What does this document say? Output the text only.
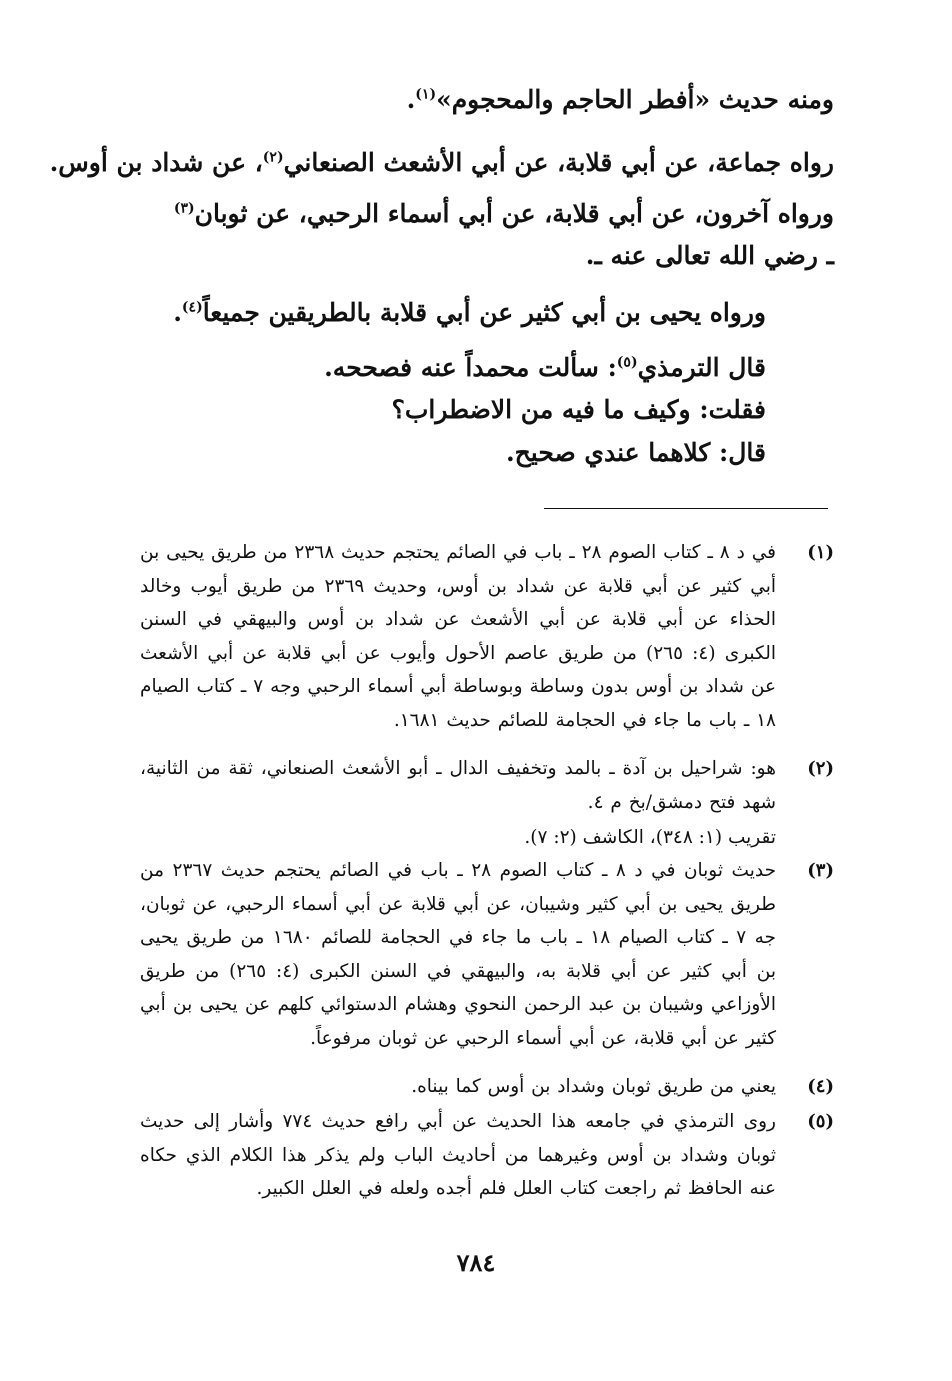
ومنه حديث «أفطر الحاجم والمحجوم»$^{(١)}$.
رواه جماعة، عن أبي قلابة، عن أبي الأشعث الصنعاني$^{(٢)}$، عن شداد بن أوس.
ورواه آخرون، عن أبي قلابة، عن أبي أسماء الرحبي، عن ثوبان$^{(٣)}$
ـ رضي الله تعالى عنه ـ.
ورواه يحيى بن أبي كثير عن أبي قلابة بالطريقين جميعاً$^{(٤)}$.
قال الترمذي$^{(٥)}$: سألت محمداً عنه فصححه.
فقلت: وكيف ما فيه من الاضطراب؟
قال: كلاهما عندي صحيح.
(١)
في د ٨ ـ كتاب الصوم ٢٨ ـ باب في الصائم يحتجم حديث ٢٣٦٨ من طريق يحيى بن أبي كثير عن أبي قلابة عن شداد بن أوس، وحديث ٢٣٦٩ من طريق أيوب وخالد الحذاء عن أبي قلابة عن أبي الأشعث عن شداد بن أوس والبيهقي في السنن الكبرى (٤: ٢٦٥) من طريق عاصم الأحول وأيوب عن أبي قلابة عن أبي الأشعث عن شداد بن أوس بدون وساطة وبوساطة أبي أسماء الرحبي وجه ٧ ـ كتاب الصيام ١٨ ـ باب ما جاء في الحجامة للصائم حديث ١٦٨١.
(٢)
هو: شراحيل بن آدة ـ بالمد وتخفيف الدال ـ أبو الأشعث الصنعاني، ثقة من الثانية، شهد فتح دمشق/بخ م ٤.
تقريب (١: ٣٤٨)، الكاشف (٢: ٧).
(٣)
حديث ثوبان في د ٨ ـ كتاب الصوم ٢٨ ـ باب في الصائم يحتجم حديث ٢٣٦٧ من طريق يحيى بن أبي كثير وشيبان، عن أبي قلابة عن أبي أسماء الرحبي، عن ثوبان، جه ٧ ـ كتاب الصيام ١٨ ـ باب ما جاء في الحجامة للصائم ١٦٨٠ من طريق يحيى بن أبي كثير عن أبي قلابة به، والبيهقي في السنن الكبرى (٤: ٢٦٥) من طريق الأوزاعي وشيبان بن عبد الرحمن النحوي وهشام الدستوائي كلهم عن يحيى بن أبي كثير عن أبي قلابة، عن أبي أسماء الرحبي عن ثوبان مرفوعاً.
(٤)
يعني من طريق ثوبان وشداد بن أوس كما بيناه.
(٥)
روى الترمذي في جامعه هذا الحديث عن أبي رافع حديث ٧٧٤ وأشار إلى حديث ثوبان وشداد بن أوس وغيرهما من أحاديث الباب ولم يذكر هذا الكلام الذي حكاه عنه الحافظ ثم راجعت كتاب العلل فلم أجده ولعله في العلل الكبير.
٧٨٤
